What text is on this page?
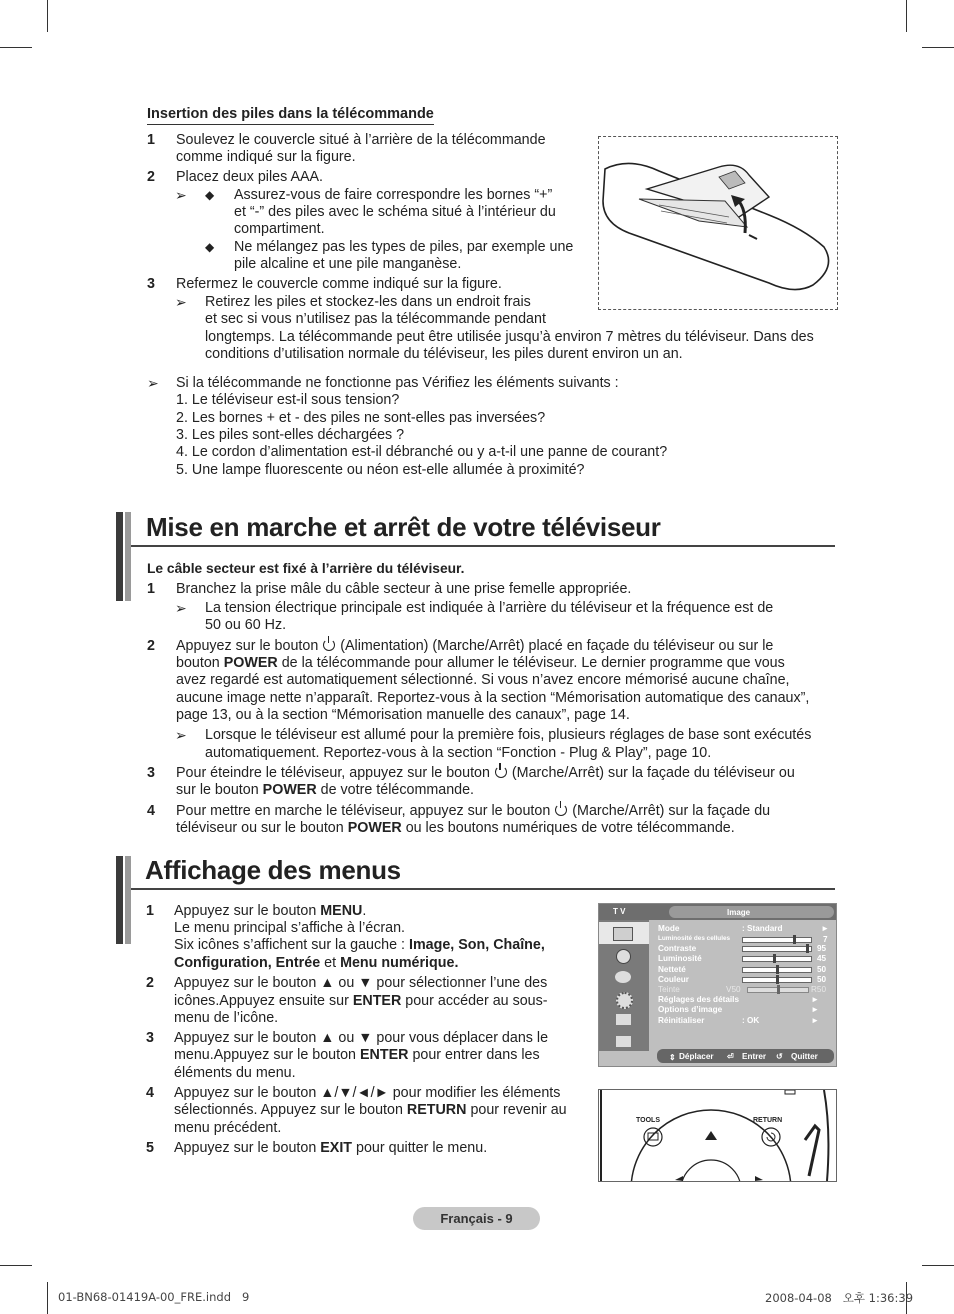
Insertion des piles dans la télécommande
1 Soulevez le couvercle situé à l’arrière de la télécommande
comme indiqué sur la figure.
2 Placez deux piles AAA.
➢ ◆ Assurez-vous de faire correspondre les bornes “+”
et “-” des piles avec le schéma situé à l’intérieur du
compartiment.
◆ Ne mélangez pas les types de piles, par exemple une
pile alcaline et une pile manganèse.
3 Refermez le couvercle comme indiqué sur la figure.
➢ Retirez les piles et stockez-les dans un endroit frais
et sec si vous n’utilisez pas la télécommande pendant
longtemps. La télécommande peut être utilisée jusqu’à environ 7 mètres du téléviseur. Dans des
conditions d’utilisation normale du téléviseur, les piles durent environ un an.
➢ Si la télécommande ne fonctionne pas Vérifiez les éléments suivants :
1. Le téléviseur est-il sous tension?
2. Les bornes + et - des piles ne sont-elles pas inversées?
3. Les piles sont-elles déchargées ?
4. Le cordon d’alimentation est-il débranché ou y a-t-il une panne de courant?
5. Une lampe fluorescente ou néon est-elle allumée à proximité?
Mise en marche et arrêt de votre téléviseur
Le câble secteur est fixé à l’arrière du téléviseur.
1 Branchez la prise mâle du câble secteur à une prise femelle appropriée.
➢ La tension électrique principale est indiquée à l’arrière du téléviseur et la fréquence est de
50 ou 60 Hz.
2 Appuyez sur le bouton (Alimentation) (Marche/Arrêt) placé en façade du téléviseur ou sur le
bouton POWER de la télécommande pour allumer le téléviseur. Le dernier programme que vous
avez regardé est automatiquement sélectionné. Si vous n’avez encore mémorisé aucune chaîne,
aucune image nette n’apparaît. Reportez-vous à la section “Mémorisation automatique des canaux”,
page 13, ou à la section “Mémorisation manuelle des canaux”, page 14.
➢ Lorsque le téléviseur est allumé pour la première fois, plusieurs réglages de base sont exécutés
automatiquement. Reportez-vous à la section “Fonction - Plug & Play”, page 10.
3 Pour éteindre le téléviseur, appuyez sur le bouton (Marche/Arrêt) sur la façade du téléviseur ou
sur le bouton POWER de votre télécommande.
4 Pour mettre en marche le téléviseur, appuyez sur le bouton (Marche/Arrêt) sur la façade du
téléviseur ou sur le bouton POWER ou les boutons numériques de votre télécommande.
Affichage des menus
1 Appuyez sur le bouton MENU.
Le menu principal s’affiche à l’écran.
Six icônes s’affichent sur la gauche : Image, Son, Chaîne,
Configuration, Entrée et Menu numérique.
2 Appuyez sur le bouton ▲ ou ▼ pour sélectionner l’une des
icônes.Appuyez ensuite sur ENTER pour accéder au sous-
menu de l’icône.
3 Appuyez sur le bouton ▲ ou ▼ pour vous déplacer dans le
menu.Appuyez sur le bouton ENTER pour entrer dans les
éléments du menu.
4 Appuyez sur le bouton ▲/▼/◄/► pour modifier les éléments
sélectionnés. Appuyez sur le bouton RETURN pour revenir au
menu précédent.
5 Appuyez sur le bouton EXIT pour quitter le menu.
T V	Image
Mode	: Standard	►
Luminosité des cellules	7
Contraste	95
Luminosité	45
Netteté	50
Couleur	50
Teinte	V50	R50
Réglages des détails	►
Options d’image	►
Réinitialiser	: OK	►
⇕ Déplacer ⏎ Entrer ↺ Quitter
TOOLS	RETURN
Français - 9
01-BN68-01419A-00_FRE.indd   9	2008-04-08   오후 1:36:39
